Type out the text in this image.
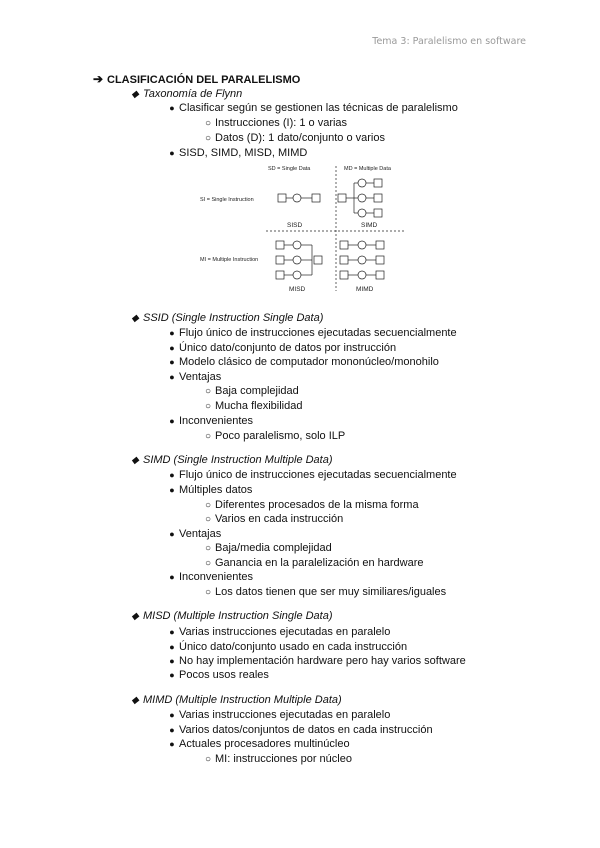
Tema 3: Paralelismo en software
➔ CLASIFICACIÓN DEL PARALELISMO
◆ Taxonomía de Flynn
● Clasificar según se gestionen las técnicas de paralelismo
○ Instrucciones (I): 1 o varias
○ Datos (D): 1 dato/conjunto o varios
● SISD, SIMD, MISD, MIMD
SD = Single Data	MD = Multiple Data
SI = Single Instruction
MI = Multiple Instruction
SISD	SIMD
MISD	MIMD
◆ SSID (Single Instruction Single Data)
● Flujo único de instrucciones ejecutadas secuencialmente
● Único dato/conjunto de datos por instrucción
● Modelo clásico de computador mononúcleo/monohilo
● Ventajas
○ Baja complejidad
○ Mucha flexibilidad
● Inconvenientes
○ Poco paralelismo, solo ILP
◆ SIMD (Single Instruction Multiple Data)
● Flujo único de instrucciones ejecutadas secuencialmente
● Múltiples datos
○ Diferentes procesados de la misma forma
○ Varios en cada instrucción
● Ventajas
○ Baja/media complejidad
○ Ganancia en la paralelización en hardware
● Inconvenientes
○ Los datos tienen que ser muy similiares/iguales
◆ MISD (Multiple Instruction Single Data)
● Varias instrucciones ejecutadas en paralelo
● Único dato/conjunto usado en cada instrucción
● No hay implementación hardware pero hay varios software
● Pocos usos reales
◆ MIMD (Multiple Instruction Multiple Data)
● Varias instrucciones ejecutadas en paralelo
● Varios datos/conjuntos de datos en cada instrucción
● Actuales procesadores multinúcleo
○ MI: instrucciones por núcleo
